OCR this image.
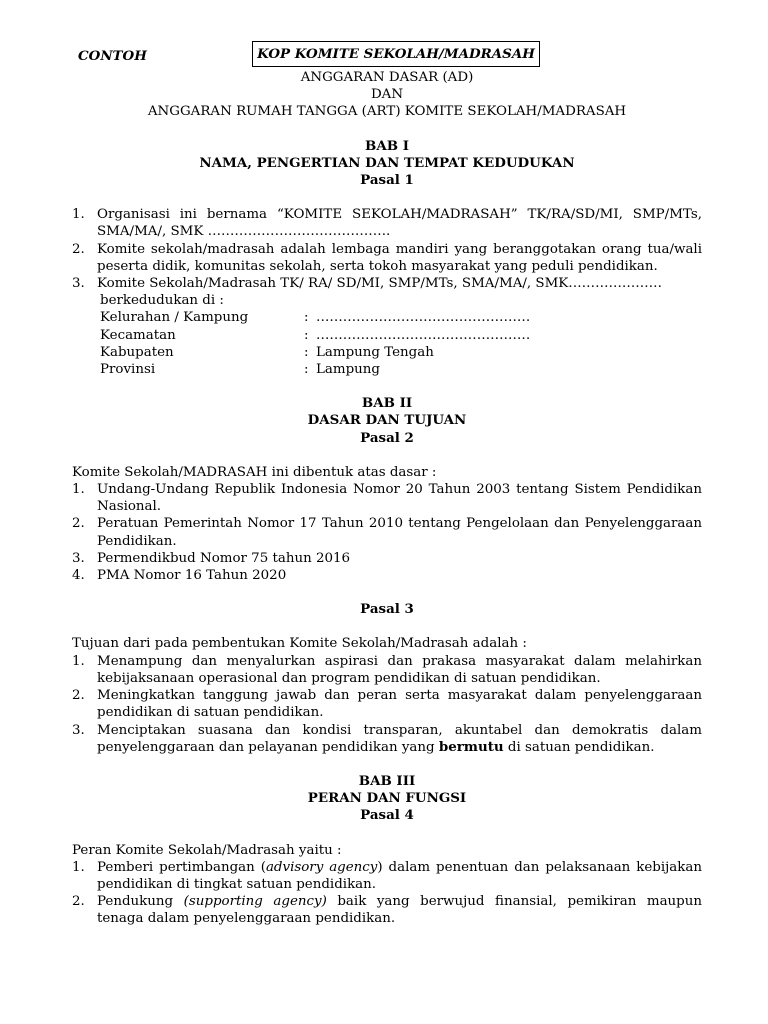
CONTOH	KOP KOMITE SEKOLAH/MADRASAH
ANGGARAN DASAR (AD)
DAN
ANGGARAN RUMAH TANGGA (ART) KOMITE SEKOLAH/MADRASAH
BAB I
NAMA, PENGERTIAN DAN TEMPAT KEDUDUKAN
Pasal 1
1. Organisasi ini bernama “KOMITE SEKOLAH/MADRASAH” TK/RA/SD/MI, SMP/MTs, SMA/MA/, SMK …………………………………..
2. Komite sekolah/madrasah adalah lembaga mandiri yang beranggotakan orang tua/wali peserta didik, komunitas sekolah, serta tokoh masyarakat yang peduli pendidikan.
3. Komite Sekolah/Madrasah TK/ RA/ SD/MI, SMP/MTs, SMA/MA/, SMK…………………
berkedudukan di :
Kelurahan / Kampung	: …………………………………………
Kecamatan	: …………………………………………
Kabupaten	: Lampung Tengah
Provinsi	: Lampung
BAB II
DASAR DAN TUJUAN
Pasal 2
Komite Sekolah/MADRASAH ini dibentuk atas dasar :
1. Undang-Undang Republik Indonesia Nomor 20 Tahun 2003 tentang Sistem Pendidikan Nasional.
2. Peratuan Pemerintah Nomor 17 Tahun 2010 tentang Pengelolaan dan Penyelenggaraan Pendidikan.
3. Permendikbud Nomor 75 tahun 2016
4. PMA Nomor 16 Tahun 2020
Pasal 3
Tujuan dari pada pembentukan Komite Sekolah/Madrasah adalah :
1. Menampung dan menyalurkan aspirasi dan prakasa masyarakat dalam melahirkan kebijaksanaan operasional dan program pendidikan di satuan pendidikan.
2. Meningkatkan tanggung jawab dan peran serta masyarakat dalam penyelenggaraan pendidikan di satuan pendidikan.
3. Menciptakan suasana dan kondisi transparan, akuntabel dan demokratis dalam penyelenggaraan dan pelayanan pendidikan yang bermutu di satuan pendidikan.
BAB III
PERAN DAN FUNGSI
Pasal 4
Peran Komite Sekolah/Madrasah yaitu :
1. Pemberi pertimbangan (advisory agency) dalam penentuan dan pelaksanaan kebijakan pendidikan di tingkat satuan pendidikan.
2. Pendukung (supporting agency) baik yang berwujud finansial, pemikiran maupun tenaga dalam penyelenggaraan pendidikan.
